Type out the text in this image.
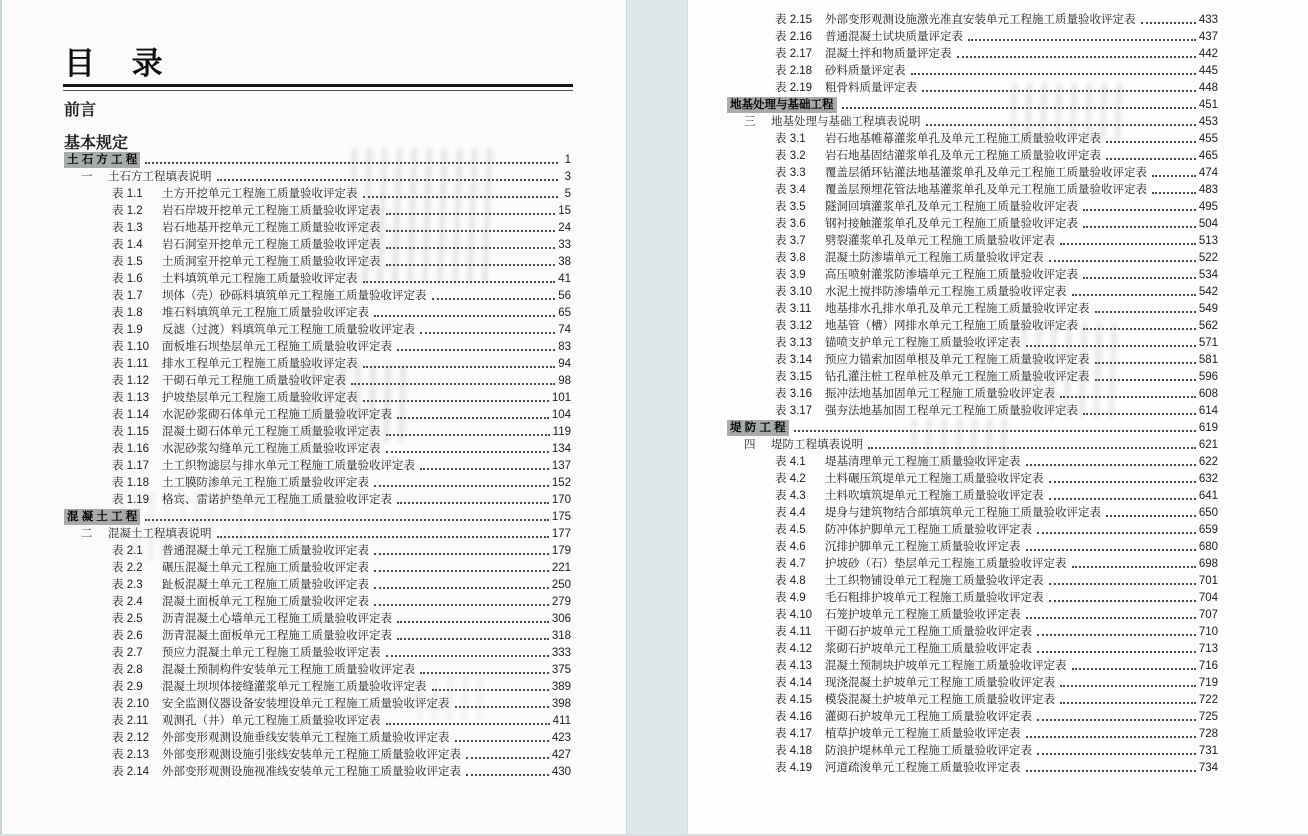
目 录
前言
基本规定
土 石 方 工 程	1
一	土石方工程填表说明	3
表 1.1	土方开挖单元工程施工质量验收评定表	5
表 1.2	岩石岸坡开挖单元工程施工质量验收评定表	15
表 1.3	岩石地基开挖单元工程施工质量验收评定表	24
表 1.4	岩石洞室开挖单元工程施工质量验收评定表	33
表 1.5	土质洞室开挖单元工程施工质量验收评定表	38
表 1.6	土料填筑单元工程施工质量验收评定表	41
表 1.7	坝体（壳）砂砾料填筑单元工程施工质量验收评定表	56
表 1.8	堆石料填筑单元工程施工质量验收评定表	65
表 1.9	反滤（过渡）料填筑单元工程施工质量验收评定表	74
表 1.10	面板堆石坝垫层单元工程施工质量验收评定表	83
表 1.11	排水工程单元工程施工质量验收评定表	94
表 1.12	干砌石单元工程施工质量验收评定表	98
表 1.13	护坡垫层单元工程施工质量验收评定表	101
表 1.14	水泥砂浆砌石体单元工程施工质量验收评定表	104
表 1.15	混凝土砌石体单元工程施工质量验收评定表	119
表 1.16	水泥砂浆勾缝单元工程施工质量验收评定表	134
表 1.17	土工织物滤层与排水单元工程施工质量验收评定表	137
表 1.18	土工膜防渗单元工程施工质量验收评定表	152
表 1.19	格宾、雷诺护垫单元工程施工质量验收评定表	170
混 凝 土 工 程	175
二	混凝土工程填表说明	177
表 2.1	普通混凝土单元工程施工质量验收评定表	179
表 2.2	碾压混凝土单元工程施工质量验收评定表	221
表 2.3	趾板混凝土单元工程施工质量验收评定表	250
表 2.4	混凝土面板单元工程施工质量验收评定表	279
表 2.5	沥青混凝土心墙单元工程施工质量验收评定表	306
表 2.6	沥青混凝土面板单元工程施工质量验收评定表	318
表 2.7	预应力混凝土单元工程施工质量验收评定表	333
表 2.8	混凝土预制构件安装单元工程施工质量验收评定表	375
表 2.9	混凝土坝坝体接缝灌浆单元工程施工质量验收评定表	389
表 2.10	安全监测仪器设备安装埋设单元工程施工质量验收评定表	398
表 2.11	观测孔（井）单元工程施工质量验收评定表	411
表 2.12	外部变形观测设施垂线安装单元工程施工质量验收评定表	423
表 2.13	外部变形观测设施引张线安装单元工程施工质量验收评定表	427
表 2.14	外部变形观测设施视准线安装单元工程施工质量验收评定表	430
表 2.15	外部变形观测设施激光准直安装单元工程施工质量验收评定表	433
表 2.16	普通混凝土试块质量评定表	437
表 2.17	混凝土拌和物质量评定表	442
表 2.18	砂料质量评定表	445
表 2.19	粗骨料质量评定表	448
地基处理与基础工程	451
三	地基处理与基础工程填表说明	453
表 3.1	岩石地基帷幕灌浆单孔及单元工程施工质量验收评定表	455
表 3.2	岩石地基固结灌浆单孔及单元工程施工质量验收评定表	465
表 3.3	覆盖层循环钻灌法地基灌浆单孔及单元工程施工质量验收评定表	474
表 3.4	覆盖层预埋花管法地基灌浆单孔及单元工程施工质量验收评定表	483
表 3.5	隧洞回填灌浆单孔及单元工程施工质量验收评定表	495
表 3.6	钢衬接触灌浆单孔及单元工程施工质量验收评定表	504
表 3.7	劈裂灌浆单孔及单元工程施工质量验收评定表	513
表 3.8	混凝土防渗墙单元工程施工质量验收评定表	522
表 3.9	高压喷射灌浆防渗墙单元工程施工质量验收评定表	534
表 3.10	水泥土搅拌防渗墙单元工程施工质量验收评定表	542
表 3.11	地基排水孔排水单孔及单元工程施工质量验收评定表	549
表 3.12	地基管（槽）网排水单元工程施工质量验收评定表	562
表 3.13	锚喷支护单元工程施工质量验收评定表	571
表 3.14	预应力锚索加固单根及单元工程施工质量验收评定表	581
表 3.15	钻孔灌注桩工程单桩及单元工程施工质量验收评定表	596
表 3.16	振冲法地基加固单元工程施工质量验收评定表	608
表 3.17	强夯法地基加固工程单元工程施工质量验收评定表	614
堤 防 工 程	619
四	堤防工程填表说明	621
表 4.1	堤基清理单元工程施工质量验收评定表	622
表 4.2	土料碾压筑堤单元工程施工质量验收评定表	632
表 4.3	土料吹填筑堤单元工程施工质量验收评定表	641
表 4.4	堤身与建筑物结合部填筑单元工程施工质量验收评定表	650
表 4.5	防冲体护脚单元工程施工质量验收评定表	659
表 4.6	沉排护脚单元工程施工质量验收评定表	680
表 4.7	护坡砂（石）垫层单元工程施工质量验收评定表	698
表 4.8	土工织物铺设单元工程施工质量验收评定表	701
表 4.9	毛石粗排护坡单元工程施工质量验收评定表	704
表 4.10	石笼护坡单元工程施工质量验收评定表	707
表 4.11	干砌石护坡单元工程施工质量验收评定表	710
表 4.12	浆砌石护坡单元工程施工质量验收评定表	713
表 4.13	混凝土预制块护坡单元工程施工质量验收评定表	716
表 4.14	现浇混凝土护坡单元工程施工质量验收评定表	719
表 4.15	模袋混凝土护坡单元工程施工质量验收评定表	722
表 4.16	灌砌石护坡单元工程施工质量验收评定表	725
表 4.17	植草护坡单元工程施工质量验收评定表	728
表 4.18	防浪护堤林单元工程施工质量验收评定表	731
表 4.19	河道疏浚单元工程施工质量验收评定表	734
